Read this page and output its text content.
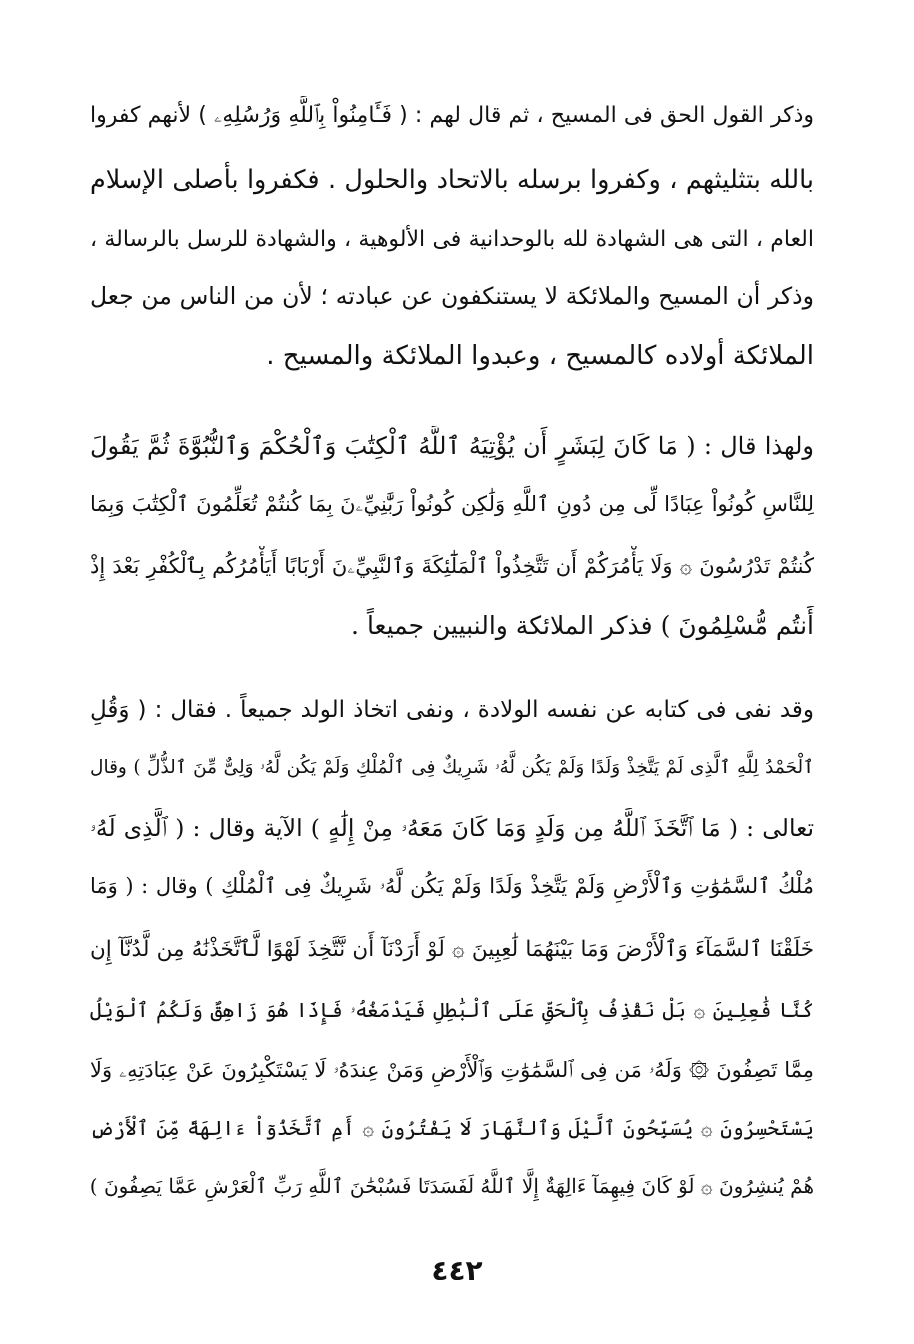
وذكر القول الحق فى المسيح ، ثم قال لهم : ( فَـَٔامِنُواْ بِٱللَّهِ وَرُسُلِهِۦ ) لأنهم كفروا
بالله بتثليثهم ، وكفروا برسله بالاتحاد والحلول . فكفروا بأصلى الإسلام
العام ، التى هى الشهادة لله بالوحدانية فى الألوهية ، والشهادة للرسل بالرسالة ،
وذكر أن المسيح والملائكة لا يستنكفون عن عبادته ؛ لأن من الناس من جعل
الملائكة أولاده كالمسيح ، وعبدوا الملائكة والمسيح .
ولهذا قال : ( مَا كَانَ لِبَشَرٍ أَن يُؤْتِيَهُ ٱللَّهُ ٱلْكِتَٰبَ وَٱلْحُكْمَ وَٱلنُّبُوَّةَ ثُمَّ يَقُولَ
لِلنَّاسِ كُونُواْ عِبَادًا لِّى مِن دُونِ ٱللَّهِ وَلَٰكِن كُونُواْ رَبَّٰنِيِّۦنَ بِمَا كُنتُمْ تُعَلِّمُونَ ٱلْكِتَٰبَ وَبِمَا
كُنتُمْ تَدْرُسُونَ ۞ وَلَا يَأْمُرَكُمْ أَن تَتَّخِذُواْ ٱلْمَلَٰٓئِكَةَ وَٱلنَّبِيِّۦنَ أَرْبَابًا أَيَأْمُرُكُم بِٱلْكُفْرِ بَعْدَ إِذْ
أَنتُم مُّسْلِمُونَ ) فذكر الملائكة والنبيين جميعاً .
وقد نفى فى كتابه عن نفسه الولادة ، ونفى اتخاذ الولد جميعاً . فقال : ( وَقُلِ
ٱلْحَمْدُ لِلَّهِ ٱلَّذِى لَمْ يَتَّخِذْ وَلَدًا وَلَمْ يَكُن لَّهُۥ شَرِيكٌ فِى ٱلْمُلْكِ وَلَمْ يَكُن لَّهُۥ وَلِىٌّ مِّنَ ٱلذُّلِّ ) وقال
تعالى : ( مَا ٱتَّخَذَ ٱللَّهُ مِن وَلَدٍ وَمَا كَانَ مَعَهُۥ مِنْ إِلَٰهٍ ) الآية وقال : ( ٱلَّذِى لَهُۥ
مُلْكُ ٱلسَّمَٰوَٰتِ وَٱلْأَرْضِ وَلَمْ يَتَّخِذْ وَلَدًا وَلَمْ يَكُن لَّهُۥ شَرِيكٌ فِى ٱلْمُلْكِ ) وقال : ( وَمَا
خَلَقْنَا ٱلسَّمَآءَ وَٱلْأَرْضَ وَمَا بَيْنَهُمَا لَٰعِبِينَ ۞ لَوْ أَرَدْنَآ أَن نَّتَّخِذَ لَهْوًا لَّٱتَّخَذْنَٰهُ مِن لَّدُنَّآ إِن
كُنَّا فَٰعِلِينَ ۞ بَلْ نَقْذِفُ بِٱلْحَقِّ عَلَى ٱلْبَٰطِلِ فَيَدْمَغُهُۥ فَإِذَا هُوَ زَاهِقٌ وَلَكُمُ ٱلْوَيْلُ
مِمَّا تَصِفُونَ ۞ وَلَهُۥ مَن فِى ٱلسَّمَٰوَٰتِ وَٱلْأَرْضِ وَمَنْ عِندَهُۥ لَا يَسْتَكْبِرُونَ عَنْ عِبَادَتِهِۦ وَلَا
يَسْتَحْسِرُونَ ۞ يُسَبِّحُونَ ٱلَّيْلَ وَٱلنَّهَارَ لَا يَفْتُرُونَ ۞ أَمِ ٱتَّخَذُوٓاْ ءَالِهَةً مِّنَ ٱلْأَرْضِ
هُمْ يُنشِرُونَ ۞ لَوْ كَانَ فِيهِمَآ ءَالِهَةٌ إِلَّا ٱللَّهُ لَفَسَدَتَا فَسُبْحَٰنَ ٱللَّهِ رَبِّ ٱلْعَرْشِ عَمَّا يَصِفُونَ )
٤٤٢
